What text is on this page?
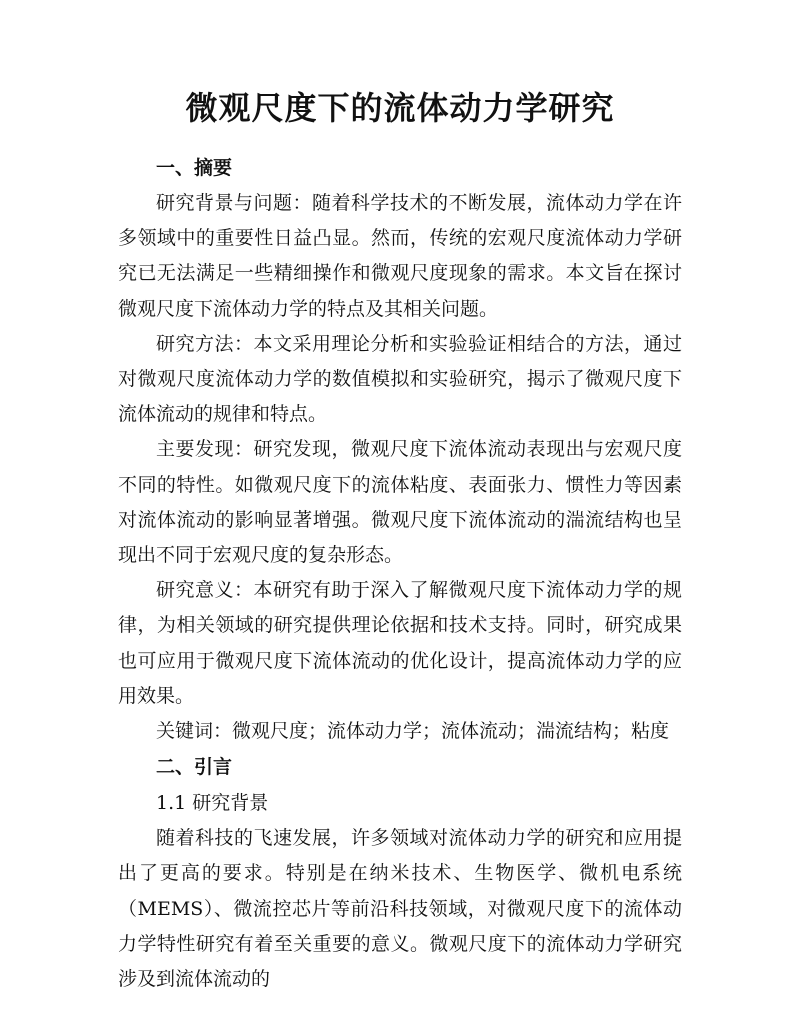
微观尺度下的流体动力学研究
一、摘要

研究背景与问题：随着科学技术的不断发展，流体动力学在许多领域中的重要性日益凸显。然而，传统的宏观尺度流体动力学研究已无法满足一些精细操作和微观尺度现象的需求。本文旨在探讨微观尺度下流体动力学的特点及其相关问题。

研究方法：本文采用理论分析和实验验证相结合的方法，通过对微观尺度流体动力学的数值模拟和实验研究，揭示了微观尺度下流体流动的规律和特点。

主要发现：研究发现，微观尺度下流体流动表现出与宏观尺度不同的特性。如微观尺度下的流体粘度、表面张力、惯性力等因素对流体流动的影响显著增强。微观尺度下流体流动的湍流结构也呈现出不同于宏观尺度的复杂形态。

研究意义：本研究有助于深入了解微观尺度下流体动力学的规律，为相关领域的研究提供理论依据和技术支持。同时，研究成果也可应用于微观尺度下流体流动的优化设计，提高流体动力学的应用效果。

关键词：微观尺度；流体动力学；流体流动；湍流结构；粘度

二、引言
1.1 研究背景

随着科技的飞速发展，许多领域对流体动力学的研究和应用提出了更高的要求。特别是在纳米技术、生物医学、微机电系统（MEMS）、微流控芯片等前沿科技领域，对微观尺度下的流体动力学特性研究有着至关重要的意义。微观尺度下的流体动力学研究涉及到流体流动的
